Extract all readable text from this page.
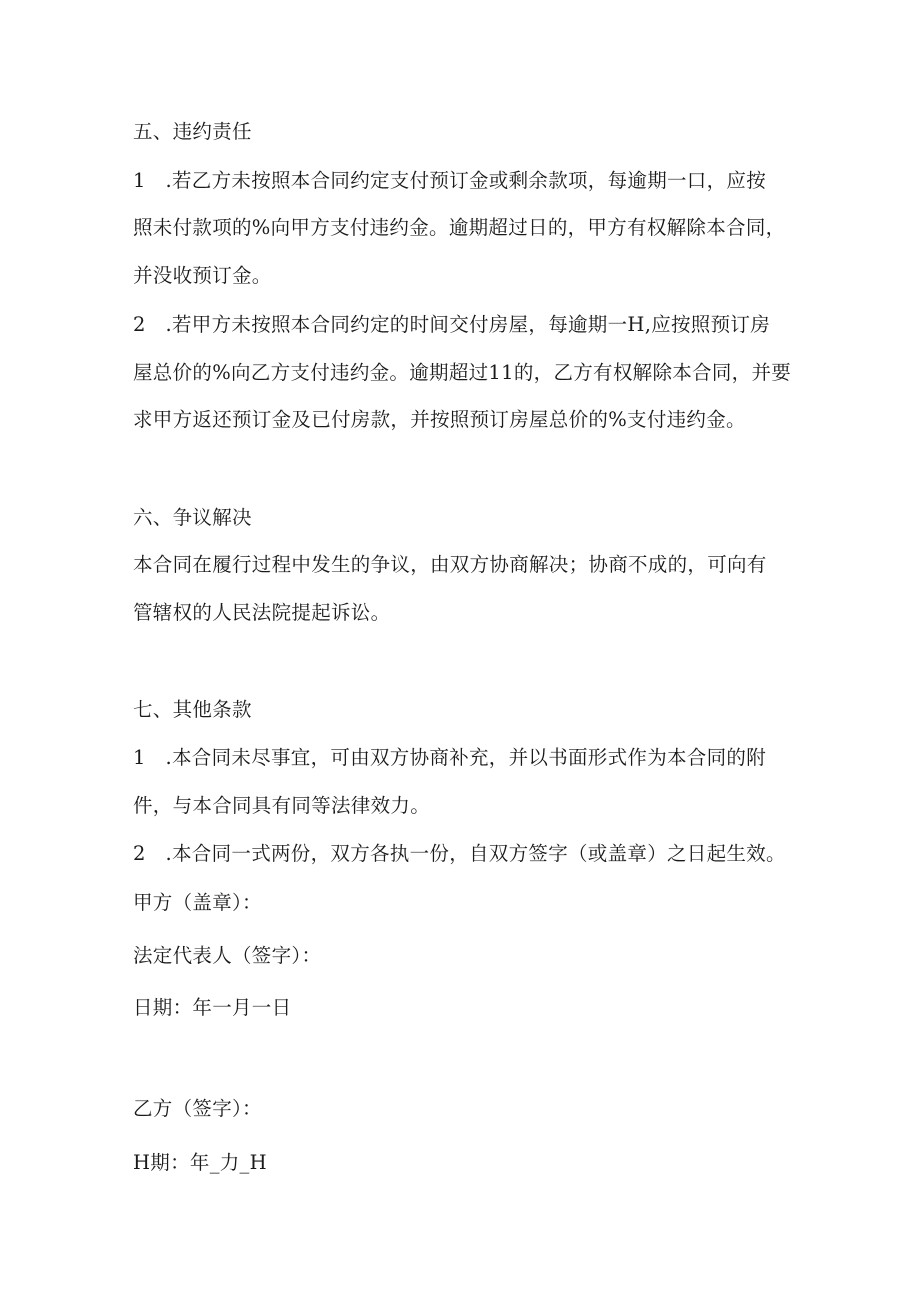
五、违约责任
1　.若乙方未按照本合同约定支付预订金或剩余款项，每逾期一口，应按
照未付款项的%向甲方支付违约金。逾期超过日的，甲方有权解除本合同，
并没收预订金。
2　.若甲方未按照本合同约定的时间交付房屋，每逾期一H,应按照预订房
屋总价的%向乙方支付违约金。逾期超过11的，乙方有权解除本合同，并要
求甲方返还预订金及已付房款，并按照预订房屋总价的%支付违约金。
六、争议解决
本合同在履行过程中发生的争议，由双方协商解决；协商不成的，可向有
管辖权的人民法院提起诉讼。
七、其他条款
1　.本合同未尽事宜，可由双方协商补充，并以书面形式作为本合同的附
件，与本合同具有同等法律效力。
2　.本合同一式两份，双方各执一份，自双方签字（或盖章）之日起生效。
甲方（盖章）：
法定代表人（签字）：
日期：年一月一日
乙方（签字）：
H期：年_力_H
